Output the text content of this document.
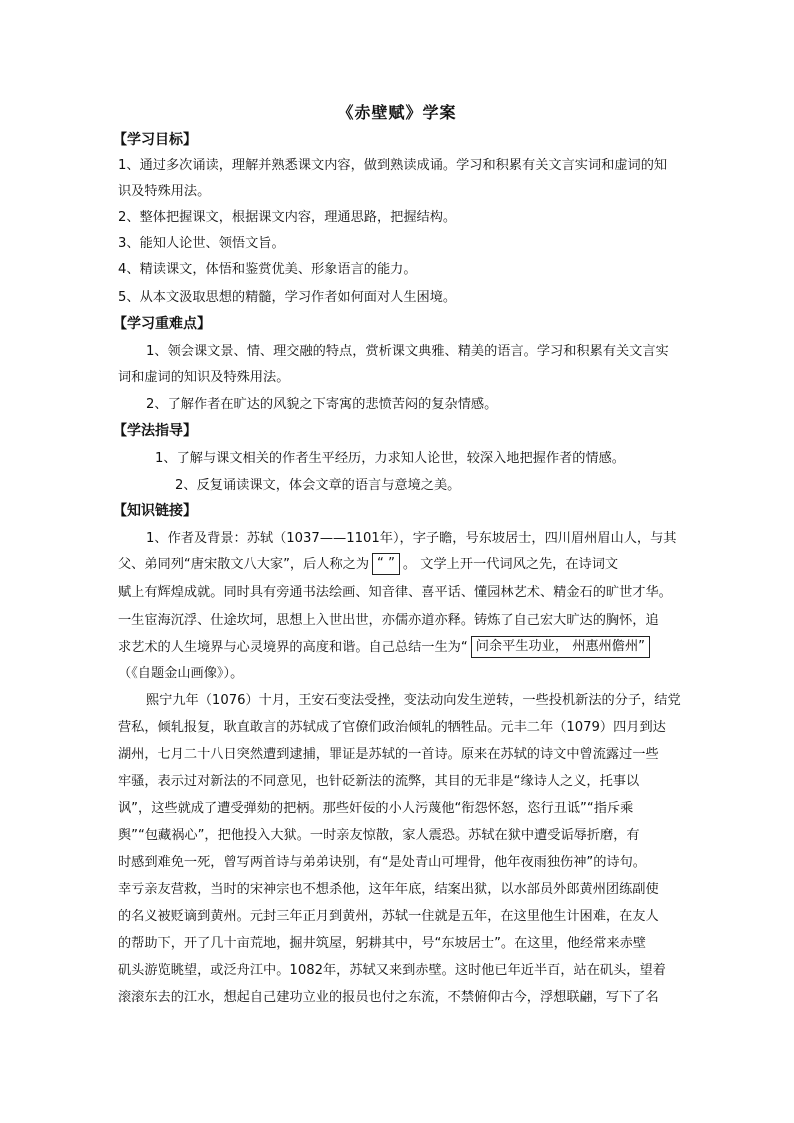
《赤壁赋》学案
【学习目标】
1、通过多次诵读，理解并熟悉课文内容，做到熟读成诵。学习和积累有关文言实词和虚词的知
识及特殊用法。
2、整体把握课文，根据课文内容，理通思路，把握结构。
3、能知人论世、领悟文旨。
4、精读课文，体悟和鉴赏优美、形象语言的能力。
5、从本文汲取思想的精髓，学习作者如何面对人生困境。
【学习重难点】
1、领会课文景、情、理交融的特点，赏析课文典雅、精美的语言。学习和积累有关文言实
词和虚词的知识及特殊用法。
2、了解作者在旷达的风貌之下寄寓的悲愤苦闷的复杂情感。
【学法指导】
1、了解与课文相关的作者生平经历，力求知人论世，较深入地把握作者的情感。
2、反复诵读课文，体会文章的语言与意境之美。
【知识链接】
1、作者及背景：苏轼（1037——1101年），字子瞻，号东坡居士，四川眉州眉山人，与其
父、弟同列“唐宋散文八大家”，后人称之为 “ ” 。 文学上开一代词风之先，在诗词文
赋上有辉煌成就。同时具有旁通书法绘画、知音律、喜平话、懂园林艺术、精金石的旷世才华。
一生宦海沉浮、仕途坎坷，思想上入世出世，亦儒亦道亦释。铸炼了自己宏大旷达的胸怀，追
求艺术的人生境界与心灵境界的高度和谐。自己总结一生为“ 问余平生功业， 州惠州儋州”
（《自题金山画像》）。
熙宁九年（1076）十月，王安石变法受挫，变法动向发生逆转，一些投机新法的分子，结党
营私，倾轧报复，耿直敢言的苏轼成了官僚们政治倾轧的牺牲品。元丰二年（1079）四月到达
湖州，七月二十八日突然遭到逮捕，罪证是苏轼的一首诗。原来在苏轼的诗文中曾流露过一些
牢骚，表示过对新法的不同意见，也针砭新法的流弊，其目的无非是“缘诗人之义，托事以
讽”，这些就成了遭受弹劾的把柄。那些奸佞的小人污蔑他“衔怨怀怒，恣行丑诋”“指斥乘
舆”“包藏祸心”，把他投入大狱。一时亲友惊散，家人震恐。苏轼在狱中遭受诟辱折磨，有
时感到难免一死，曾写两首诗与弟弟诀别，有“是处青山可埋骨，他年夜雨独伤神”的诗句。
幸亏亲友营救，当时的宋神宗也不想杀他，这年年底，结案出狱，以水部员外郎黄州团练副使
的名义被贬谪到黄州。元封三年正月到黄州，苏轼一住就是五年，在这里他生计困难，在友人
的帮助下，开了几十亩荒地，掘井筑屋，躬耕其中，号“东坡居士”。在这里，他经常来赤壁
矶头游览眺望，或泛舟江中。1082年，苏轼又来到赤壁。这时他已年近半百，站在矶头，望着
滚滚东去的江水，想起自己建功立业的报员也付之东流，不禁俯仰古今，浮想联翩，写下了名
